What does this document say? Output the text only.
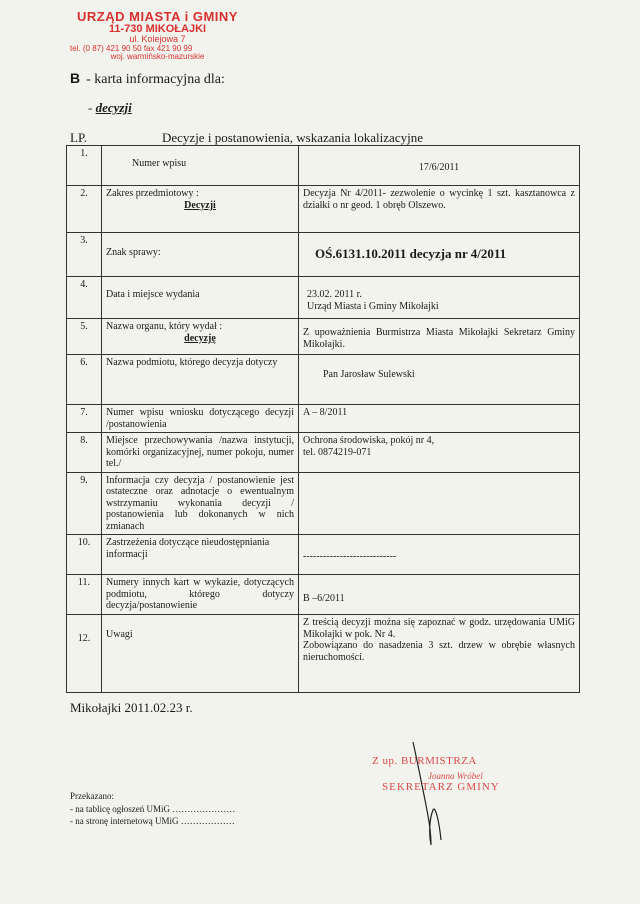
URZĄD MIASTA i GMINY
11-730 MIKOŁAJKI
ul. Kolejowa 7
tel. (0 87) 421 90 50 fax 421 90 99
woj. warmińsko-mazurskie
B - karta informacyjna dla:
- decyzji
LP.	Decyzje i postanowienia, wskazania lokalizacyjne
1.	Numer wpisu	17/6/2011

2.	Zakres przedmiotowy :
Decyzji	Decyzja Nr 4/2011- zezwolenie o wycinkę 1 szt. kasztanowca z działki o nr geod. 1 obręb Olszewo.

3.	Znak sprawy:	OŚ.6131.10.2011 decyzja nr 4/2011

4.	Data i miejsce wydania	23.02. 2011 r.
Urząd Miasta i Gminy Mikołajki

5.	Nazwa organu, który wydał :
decyzję	Z upoważnienia Burmistrza Miasta Mikołajki Sekretarz Gminy Mikołajki.

6.	Nazwa podmiotu, którego decyzja dotyczy	Pan Jarosław Sulewski

7.	Numer wpisu wniosku dotyczącego decyzji /postanowienia	A – 8/2011
8.	Miejsce przechowywania /nazwa instytucji, komórki organizacyjnej, numer pokoju, numer tel./	Ochrona środowiska, pokój nr 4,
tel. 0874219-071

9.	Informacja czy decyzja / postanowienie jest ostateczne oraz adnotacje o ewentualnym wstrzymaniu wykonania decyzji / postanowienia lub dokonanych w nich zmianach	
10.	Zastrzeżenia dotyczące nieudostępniania informacji	----------------------------

11.	Numery innych kart w wykazie, dotyczących podmiotu, którego dotyczy decyzja/postanowienie	B –6/2011

12.	Uwagi	Z treścią decyzji można się zapoznać w godz. urzędowania UMiG Mikołajki w pok. Nr 4.
Zobowiązano do nasadzenia 3 szt. drzew w obrębie własnych nieruchomości.
Mikołajki 2011.02.23 r.
Z up. BURMISTRZA
Joanna Wróbel
SEKRETARZ GMINY
Przekazano:
- na tablicę ogłoszeń UMiG …………………
- na stronę internetową UMiG ………………
